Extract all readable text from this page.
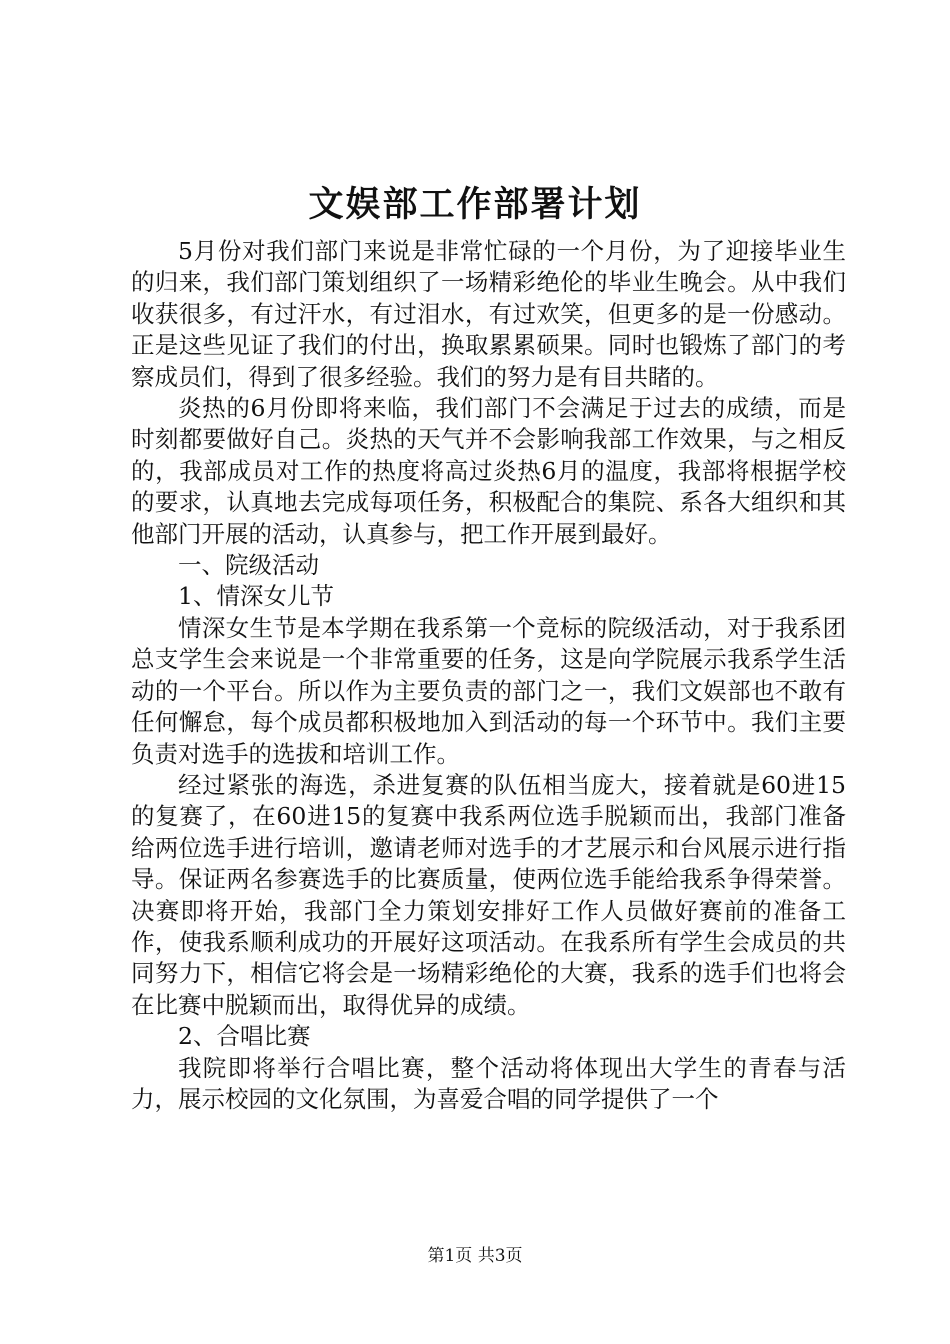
文娱部工作部署计划

5月份对我们部门来说是非常忙碌的一个月份，为了迎接毕业生的归来，我们部门策划组织了一场精彩绝伦的毕业生晚会。从中我们收获很多，有过汗水，有过泪水，有过欢笑，但更多的是一份感动。正是这些见证了我们的付出，换取累累硕果。同时也锻炼了部门的考察成员们，得到了很多经验。我们的努力是有目共睹的。

炎热的6月份即将来临，我们部门不会满足于过去的成绩，而是时刻都要做好自己。炎热的天气并不会影响我部工作效果，与之相反的，我部成员对工作的热度将高过炎热6月的温度，我部将根据学校的要求，认真地去完成每项任务，积极配合的集院、系各大组织和其他部门开展的活动，认真参与，把工作开展到最好。

一、院级活动

1、情深女儿节

情深女生节是本学期在我系第一个竞标的院级活动，对于我系团总支学生会来说是一个非常重要的任务，这是向学院展示我系学生活动的一个平台。所以作为主要负责的部门之一，我们文娱部也不敢有任何懈怠，每个成员都积极地加入到活动的每一个环节中。我们主要负责对选手的选拔和培训工作。

经过紧张的海选，杀进复赛的队伍相当庞大，接着就是60进15的复赛了，在60进15的复赛中我系两位选手脱颖而出，我部门准备给两位选手进行培训，邀请老师对选手的才艺展示和台风展示进行指导。保证两名参赛选手的比赛质量，使两位选手能给我系争得荣誉。决赛即将开始，我部门全力策划安排好工作人员做好赛前的准备工作，使我系顺利成功的开展好这项活动。在我系所有学生会成员的共同努力下，相信它将会是一场精彩绝伦的大赛，我系的选手们也将会在比赛中脱颖而出，取得优异的成绩。

2、合唱比赛

我院即将举行合唱比赛，整个活动将体现出大学生的青春与活力，展示校园的文化氛围，为喜爱合唱的同学提供了一个

第1页 共3页
